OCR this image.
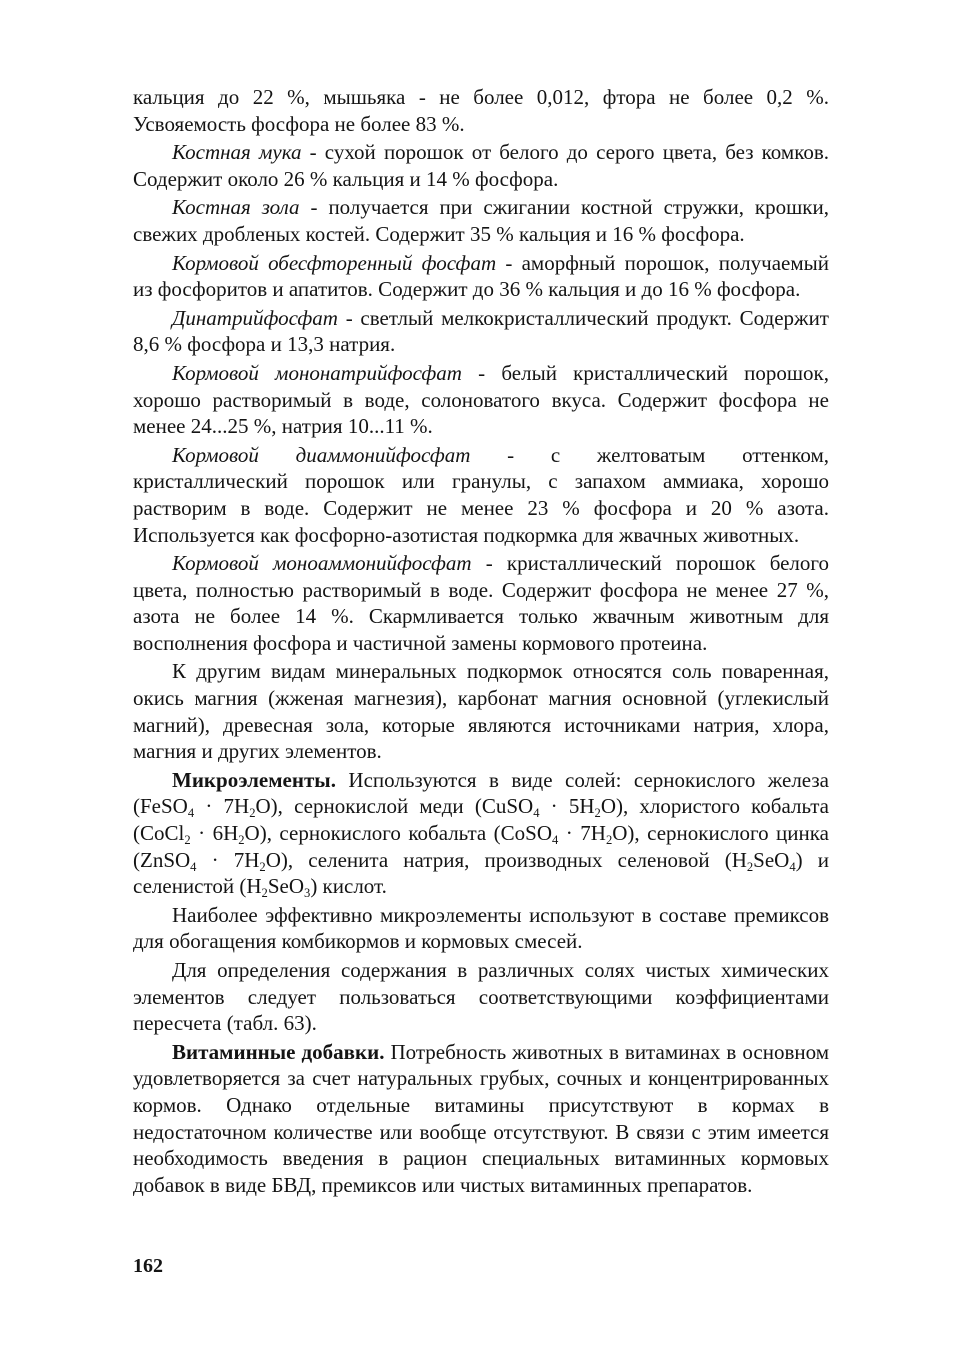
кальция до 22 %, мышьяка - не более 0,012, фтора не более 0,2 %. Усвояемость фосфора не более 83 %.

Костная мука - сухой порошок от белого до серого цвета, без комков. Содержит около 26 % кальция и 14 % фосфора.

Костная зола - получается при сжигании костной стружки, крошки, свежих дробленых костей. Содержит 35 % кальция и 16 % фосфора.

Кормовой обесфторенный фосфат - аморфный порошок, получаемый из фосфоритов и апатитов. Содержит до 36 % кальция и до 16 % фосфора.

Динатрийфосфат - светлый мелкокристаллический продукт. Содержит 8,6 % фосфора и 13,3 натрия.

Кормовой мононатрийфосфат - белый кристаллический порошок, хорошо растворимый в воде, солоноватого вкуса. Содержит фосфора не менее 24...25 %, натрия 10...11 %.

Кормовой диаммонийфосфат - с желтоватым оттенком, кристаллический порошок или гранулы, с запахом аммиака, хорошо растворим в воде. Содержит не менее 23 % фосфора и 20 % азота. Используется как фосфорно-азотистая подкормка для жвачных животных.

Кормовой моноаммонийфосфат - кристаллический порошок белого цвета, полностью растворимый в воде. Содержит фосфора не менее 27 %, азота не более 14 %. Скармливается только жвачным животным для восполнения фосфора и частичной замены кормового протеина.

К другим видам минеральных подкормок относятся соль поваренная, окись магния (жженая магнезия), карбонат магния основной (углекислый магний), древесная зола, которые являются источниками натрия, хлора, магния и других элементов.

Микроэлементы. Используются в виде солей: сернокислого железа (FeSO$_4$ · $7H_2O$), сернокислой меди (CuSO$_4$ · $5H_2O$), хлористого кобальта (CoCl$_2$ · $6H_2O$), сернокислого кобальта (CoSO$_4$ · $7H_2O$), сернокислого цинка (ZnSO$_4$ · $7H_2O$), селенита натрия, производных селеновой $(H_2SeO_4)$ и селенистой $(H_2SeO_3)$ кислот.

Наиболее эффективно микроэлементы используют в составе премиксов для обогащения комбикормов и кормовых смесей.

Для определения содержания в различных солях чистых химических элементов следует пользоваться соответствующими коэффициентами пересчета (табл. 63).

Витаминные добавки. Потребность животных в витаминах в основном удовлетворяется за счет натуральных грубых, сочных и концентрированных кормов. Однако отдельные витамины присутствуют в кормах в недостаточном количестве или вообще отсутствуют. В связи с этим имеется необходимость введения в рацион специальных витаминных кормовых добавок в виде БВД, премиксов или чистых витаминных препаратов.

162
